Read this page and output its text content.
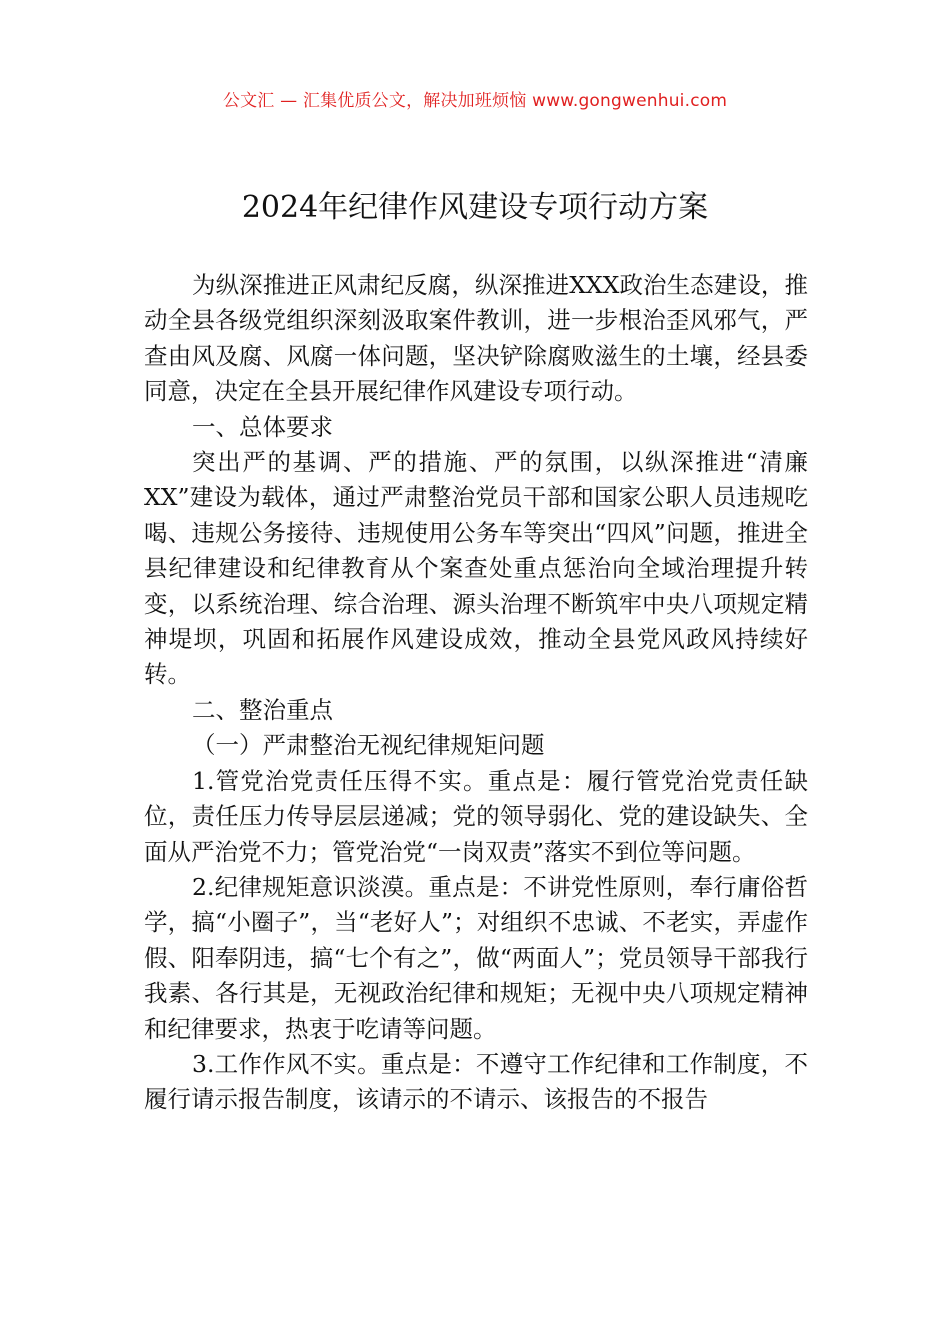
公文汇 — 汇集优质公文，解决加班烦恼 www.gongwenhui.com
2024年纪律作风建设专项行动方案

为纵深推进正风肃纪反腐，纵深推进XXX政治生态建设，推动全县各级党组织深刻汲取案件教训，进一步根治歪风邪气，严查由风及腐、风腐一体问题，坚决铲除腐败滋生的土壤，经县委同意，决定在全县开展纪律作风建设专项行动。

一、总体要求

突出严的基调、严的措施、严的氛围，以纵深推进“清廉XX”建设为载体，通过严肃整治党员干部和国家公职人员违规吃喝、违规公务接待、违规使用公务车等突出“四风”问题，推进全县纪律建设和纪律教育从个案查处重点惩治向全域治理提升转变，以系统治理、综合治理、源头治理不断筑牢中央八项规定精神堤坝，巩固和拓展作风建设成效，推动全县党风政风持续好转。

二、整治重点

（一）严肃整治无视纪律规矩问题

1.管党治党责任压得不实。重点是：履行管党治党责任缺位，责任压力传导层层递减；党的领导弱化、党的建设缺失、全面从严治党不力；管党治党“一岗双责”落实不到位等问题。

2.纪律规矩意识淡漠。重点是：不讲党性原则，奉行庸俗哲学，搞“小圈子”，当“老好人”；对组织不忠诚、不老实，弄虚作假、阳奉阴违，搞“七个有之”，做“两面人”；党员领导干部我行我素、各行其是，无视政治纪律和规矩；无视中央八项规定精神和纪律要求，热衷于吃请等问题。

3.工作作风不实。重点是：不遵守工作纪律和工作制度，不履行请示报告制度，该请示的不请示、该报告的不报告
